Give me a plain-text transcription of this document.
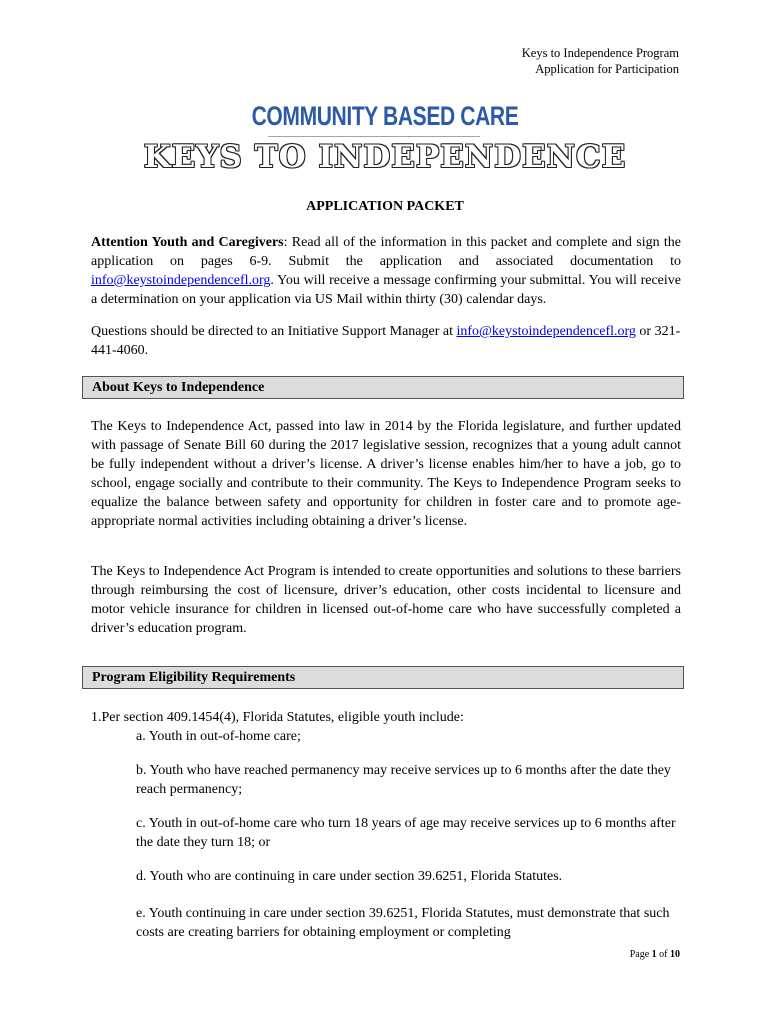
Keys to Independence Program
Application for Participation
COMMUNITY BASED CARE
KEYS TO INDEPENDENCE
APPLICATION PACKET
Attention Youth and Caregivers: Read all of the information in this packet and complete and sign the application on pages 6-9. Submit the application and associated documentation to info@keystoindependencefl.org. You will receive a message confirming your submittal. You will receive a determination on your application via US Mail within thirty (30) calendar days.
Questions should be directed to an Initiative Support Manager at info@keystoindependencefl.org or 321-441-4060.
About Keys to Independence
The Keys to Independence Act, passed into law in 2014 by the Florida legislature, and further updated with passage of Senate Bill 60 during the 2017 legislative session, recognizes that a young adult cannot be fully independent without a driver’s license. A driver’s license enables him/her to have a job, go to school, engage socially and contribute to their community. The Keys to Independence Program seeks to equalize the balance between safety and opportunity for children in foster care and to promote age-appropriate normal activities including obtaining a driver’s license.
The Keys to Independence Act Program is intended to create opportunities and solutions to these barriers through reimbursing the cost of licensure, driver’s education, other costs incidental to licensure and motor vehicle insurance for children in licensed out-of-home care who have successfully completed a driver’s education program.
Program Eligibility Requirements
1.Per section 409.1454(4), Florida Statutes, eligible youth include:
a. Youth in out-of-home care;
b. Youth who have reached permanency may receive services up to 6 months after the date they reach permanency;
c. Youth in out-of-home care who turn 18 years of age may receive services up to 6 months after the date they turn 18; or
d. Youth who are continuing in care under section 39.6251, Florida Statutes.
e. Youth continuing in care under section 39.6251, Florida Statutes, must demonstrate that such costs are creating barriers for obtaining employment or completing
Page 1 of 10
